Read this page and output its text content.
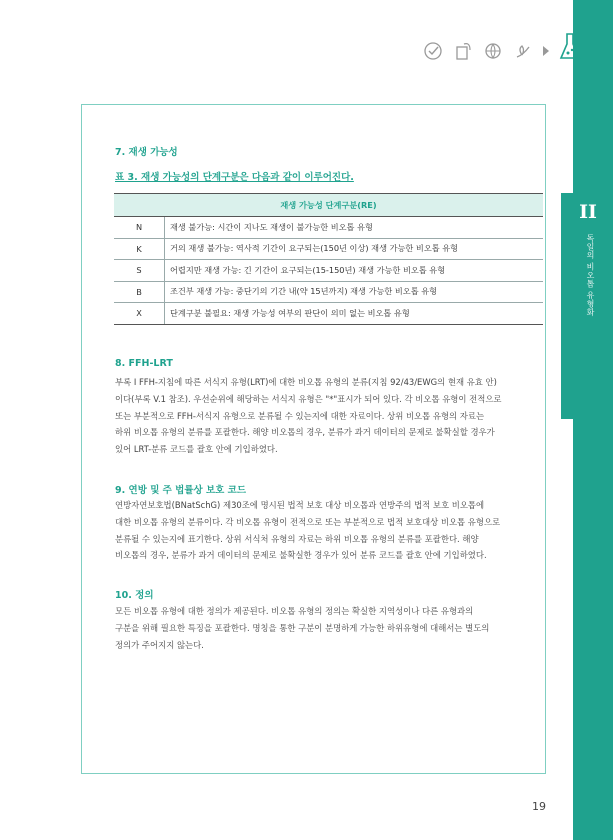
II
독일의 비오톱 유형화
7. 재생 가능성
표 3. 재생 가능성의 단계구분은 다음과 같이 이루어진다.
재생 가능성 단계구분(RE)	
N	재생 불가능: 시간이 지나도 재생이 불가능한 비오톱 유형
K	거의 재생 불가능: 역사적 기간이 요구되는(150년 이상) 재생 가능한 비오톱 유형
S	어렵지만 재생 가능: 긴 기간이 요구되는(15-150년) 재생 가능한 비오톱 유형
B	조건부 재생 가능: 중단기의 기간 내(약 15년까지) 재생 가능한 비오톱 유형
X	단계구분 불필요: 재생 가능성 여부의 판단이 의미 없는 비오톱 유형
8. FFH-LRT
부록 I FFH-지침에 따른 서식지 유형(LRT)에 대한 비오톱 유형의 분류(지침 92/43/EWG의 현재 유효 안)
이다(부록 V.1 참조). 우선순위에 해당하는 서식지 유형은 "*"표시가 되어 있다. 각 비오톱 유형이 전적으로
또는 부분적으로 FFH-서식지 유형으로 분류될 수 있는지에 대한 자료이다. 상위 비오톱 유형의 자료는
하위 비오톱 유형의 분류를 포괄한다. 해양 비오톱의 경우, 분류가 과거 데이터의 문제로 불확실할 경우가
있어 LRT-분류 코드를 괄호 안에 기입하였다.
9. 연방 및 주 법률상 보호 코드
연방자연보호법(BNatSchG) 제30조에 명시된 법적 보호 대상 비오톱과 연방주의 법적 보호 비오톱에
대한 비오톱 유형의 분류이다. 각 비오톱 유형이 전적으로 또는 부분적으로 법적 보호대상 비오톱 유형으로
분류될 수 있는지에 표기한다. 상위 서식처 유형의 자료는 하위 비오톱 유형의 분류를 포괄한다. 해양
비오톱의 경우, 분류가 과거 데이터의 문제로 불확실한 경우가 있어 분류 코드를 괄호 안에 기입하였다.
10. 정의
모든 비오톱 유형에 대한 정의가 제공된다. 비오톱 유형의 정의는 확실한 지역성이나 다른 유형과의
구분을 위해 필요한 특징을 포괄한다. 명칭을 통한 구분이 분명하게 가능한 하위유형에 대해서는 별도의
정의가 주어지지 않는다.
19
